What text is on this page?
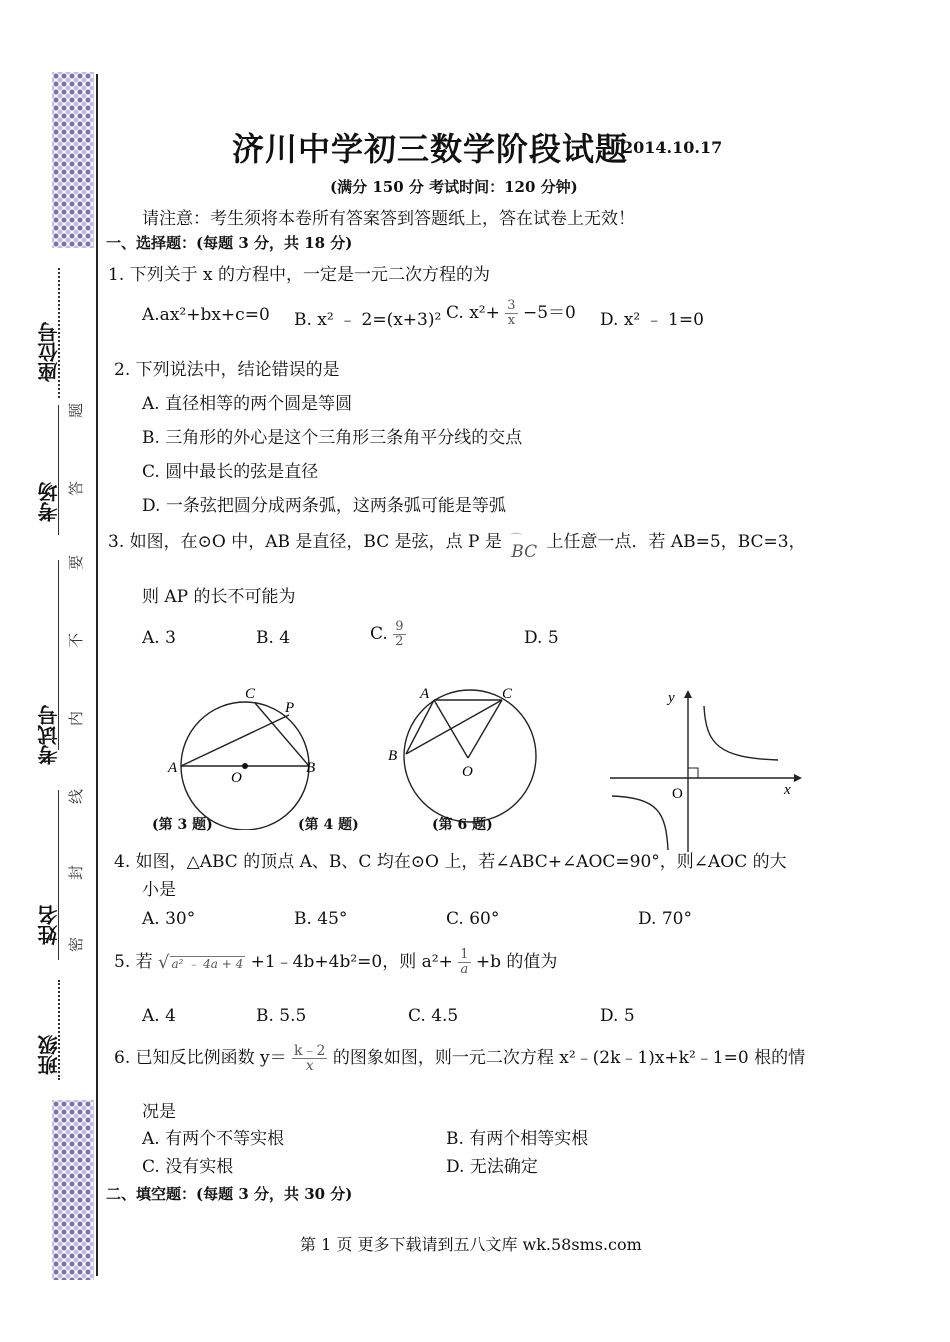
座位号
考场
考试号
姓名
班级
题
答
要
不
内
线
封
密
济川中学初三数学阶段试题
2014.10.17
(满分 150 分 考试时间：120 分钟)
请注意：考生须将本卷所有答案答到答题纸上，答在试卷上无效！
一、选择题：(每题 3 分，共 18 分)
1. 下列关于 x 的方程中，一定是一元二次方程的为
A.ax²+bx+c=0 B. x² ﹣ 2=(x+3)² C. $x^2+ \frac{3}{x} -5=0$ D. x² ﹣ 1=0
2. 下列说法中，结论错误的是
A. 直径相等的两个圆是等圆
B. 三角形的外心是这个三角形三条角平分线的交点
C. 圆中最长的弦是直径
D. 一条弦把圆分成两条弧，这两条弧可能是等弧
3. 如图，在⊙O 中，AB 是直径，BC 是弦，点 P 是 ⌒
BC 上任意一点．若 AB=5，BC=3，
则 AP 的长不可能为
A. 3	B. 4	C. $\frac{9}{2}$	D. 5
C
P
A
O
B
A	C
B
O
y
O	x
(第 3 题)	(第 4 题)	(第 6 题)
4. 如图，△ABC 的顶点 A、B、C 均在⊙O 上，若∠ABC+∠AOC=90°，则∠AOC 的大
小是
A. 30°	B. 45°	C. 60°	D. 70°
5. 若 √ a² ﹣ 4a + 4 +1﹣4b+4b²=0，则 $a^2+ \frac{1}{a} +b$ 的值为
A. 4	B. 5.5	C. 4.5	D. 5
6. 已知反比例函数 $y= \frac{k﹣2}{x}$ 的图象如图，则一元二次方程 x²﹣(2k﹣1)x+k²﹣1=0 根的情
况是
A. 有两个不等实根	B. 有两个相等实根
C. 没有实根	D. 无法确定
二、填空题：(每题 3 分，共 30 分)
第 1 页 更多下载请到五八文库 wk.58sms.com
